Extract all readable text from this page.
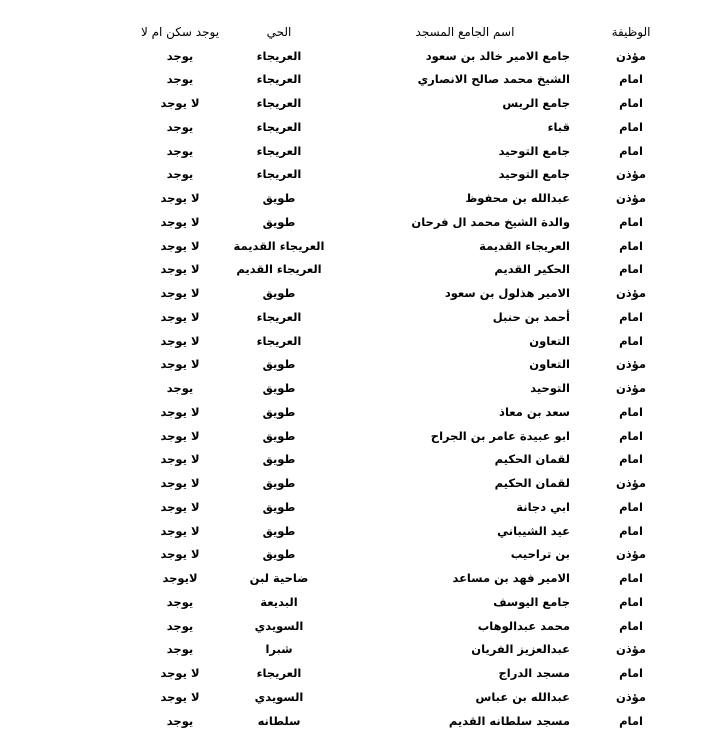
الوظيفة
اسم الجامع المسجد
الحي
يوجد سكن ام لا
مؤذن
جامع الامير خالد بن سعود
العريجاء
يوجد
امام
الشيخ محمد صالح الانصاري
العريجاء
يوجد
امام
جامع الريس
العريجاء
لا يوجد
امام
قباء
العريجاء
يوجد
امام
جامع التوحيد
العريجاء
يوجد
مؤذن
جامع التوحيد
العريجاء
يوجد
مؤذن
عبدالله بن محفوظ
طويق
لا يوجد
امام
والدة الشيخ محمد ال فرحان
طويق
لا يوجد
امام
العريجاء القديمة
العريجاء القديمة
لا يوجد
امام
الحكير القديم
العريجاء القديم
لا يوجد
مؤذن
الامير هذلول بن سعود
طويق
لا يوجد
امام
أحمد بن حنبل
العريجاء
لا يوجد
امام
التعاون
العريجاء
لا يوجد
مؤذن
التعاون
طويق
لا يوجد
مؤذن
التوحيد
طويق
يوجد
امام
سعد بن معاذ
طويق
لا يوجد
امام
ابو عبيدة عامر بن الجراح
طويق
لا يوجد
امام
لقمان الحكيم
طويق
لا يوجد
مؤذن
لقمان الحكيم
طويق
لا يوجد
امام
ابي دجانة
طويق
لا يوجد
امام
عيد الشيباني
طويق
لا يوجد
مؤذن
بن تراحيب
طويق
لا يوجد
امام
الامير فهد بن مساعد
ضاحية لبن
لايوجد
امام
جامع اليوسف
البديعة
يوجد
امام
محمد عبدالوهاب
السويدي
يوجد
مؤذن
عبدالعزيز الفريان
شبرا
يوجد
امام
مسجد الدراج
العريجاء
لا يوجد
مؤذن
عبدالله بن عباس
السويدي
لا يوجد
امام
مسجد سلطانه القديم
سلطانه
يوجد
